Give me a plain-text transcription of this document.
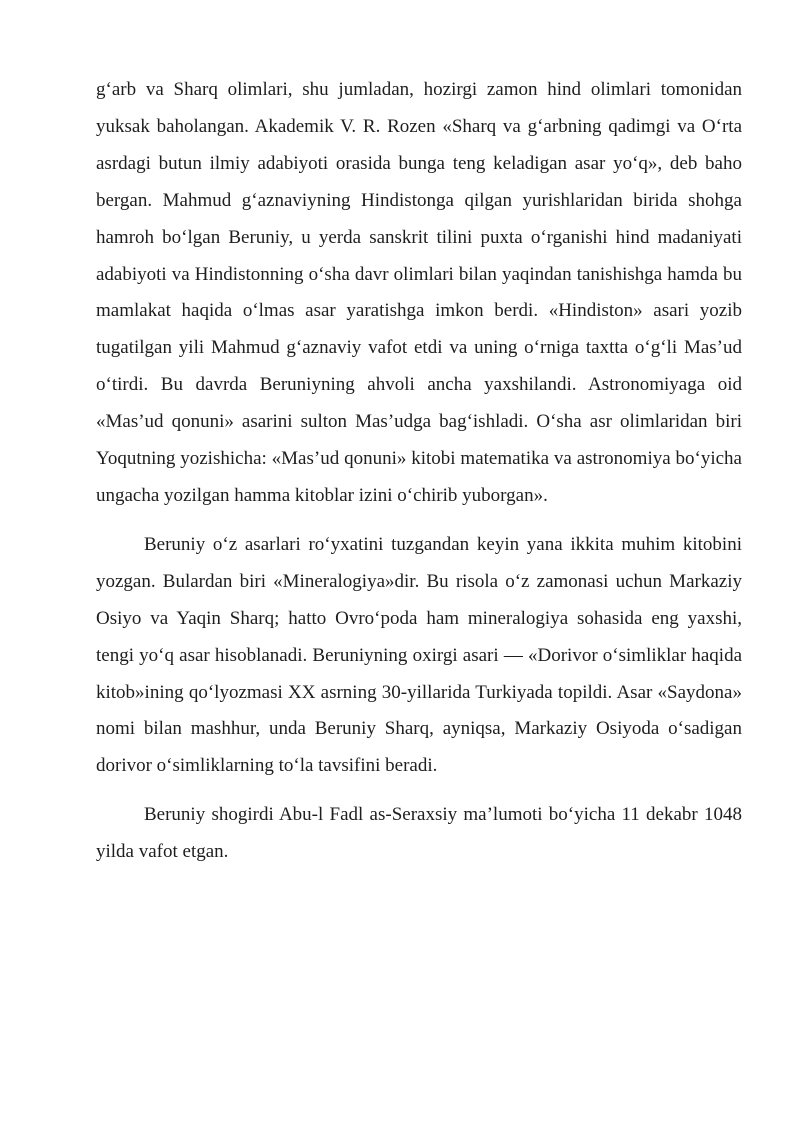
g‘arb va Sharq olimlari, shu jumladan, hozirgi zamon hind olimlari tomonidan yuksak baholangan. Akademik V. R. Rozen «Sharq va g‘arbning qadimgi va O‘rta asrdagi butun ilmiy adabiyoti orasida bunga teng keladigan asar yo‘q», deb baho bergan. Mahmud g‘aznaviyning Hindistonga qilgan yurishlaridan birida shohga hamroh bo‘lgan Beruniy, u yerda sanskrit tilini puxta o‘rganishi hind madaniyati adabiyoti va Hindistonning o‘sha davr olimlari bilan yaqindan tanishishga hamda bu mamlakat haqida o‘lmas asar yaratishga imkon berdi. «Hindiston» asari yozib tugatilgan yili Mahmud g‘aznaviy vafot etdi va uning o‘rniga taxtta o‘g‘li Mas’ud o‘tirdi. Bu davrda Beruniyning ahvoli ancha yaxshilandi. Astronomiyaga oid «Mas’ud qonuni» asarini sulton Mas’udga bag‘ishladi. O‘sha asr olimlaridan biri Yoqutning yozishicha: «Mas’ud qonuni» kitobi matematika va astronomiya bo‘yicha ungacha yozilgan hamma kitoblar izini o‘chirib yuborgan».

Beruniy o‘z asarlari ro‘yxatini tuzgandan keyin yana ikkita muhim kitobini yozgan. Bulardan biri «Mineralogiya»dir. Bu risola o‘z zamonasi uchun Markaziy Osiyo va Yaqin Sharq; hatto Ovro‘poda ham mineralogiya sohasida eng yaxshi, tengi yo‘q asar hisoblanadi. Beruniyning oxirgi asari — «Dorivor o‘simliklar haqida kitob»ining qo‘lyozmasi XX asrning 30-yillarida Turkiyada topildi. Asar «Saydona» nomi bilan mashhur, unda Beruniy Sharq, ayniqsa, Markaziy Osiyoda o‘sadigan dorivor o‘simliklarning to‘la tavsifini beradi.

Beruniy shogirdi Abu-l Fadl as-Seraxsiy ma’lumoti bo‘yicha 11 dekabr 1048 yilda vafot etgan.
